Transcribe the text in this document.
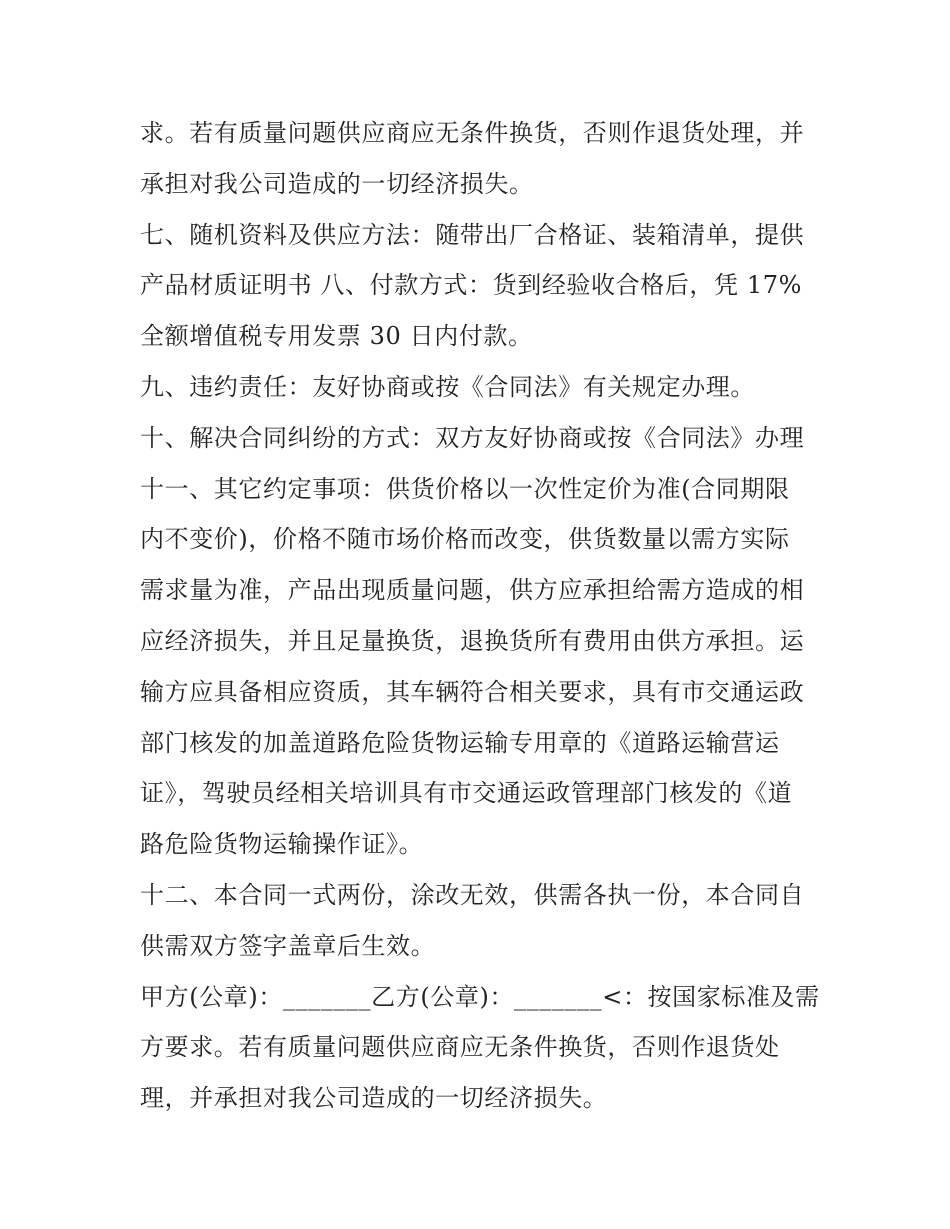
求。若有质量问题供应商应无条件换货，否则作退货处理，并
承担对我公司造成的一切经济损失。
七、随机资料及供应方法：随带出厂合格证、装箱清单，提供
产品材质证明书 八、付款方式：货到经验收合格后，凭 17%
全额增值税专用发票 30 日内付款。
九、违约责任：友好协商或按《合同法》有关规定办理。
十、解决合同纠纷的方式：双方友好协商或按《合同法》办理
十一、其它约定事项：供货价格以一次性定价为准(合同期限
内不变价)，价格不随市场价格而改变，供货数量以需方实际
需求量为准，产品出现质量问题，供方应承担给需方造成的相
应经济损失，并且足量换货，退换货所有费用由供方承担。运
输方应具备相应资质，其车辆符合相关要求，具有市交通运政
部门核发的加盖道路危险货物运输专用章的《道路运输营运
证》，驾驶员经相关培训具有市交通运政管理部门核发的《道
路危险货物运输操作证》。
十二、本合同一式两份，涂改无效，供需各执一份，本合同自
供需双方签字盖章后生效。
甲方(公章)：_______乙方(公章)：_______<：按国家标准及需
方要求。若有质量问题供应商应无条件换货，否则作退货处
理，并承担对我公司造成的一切经济损失。
